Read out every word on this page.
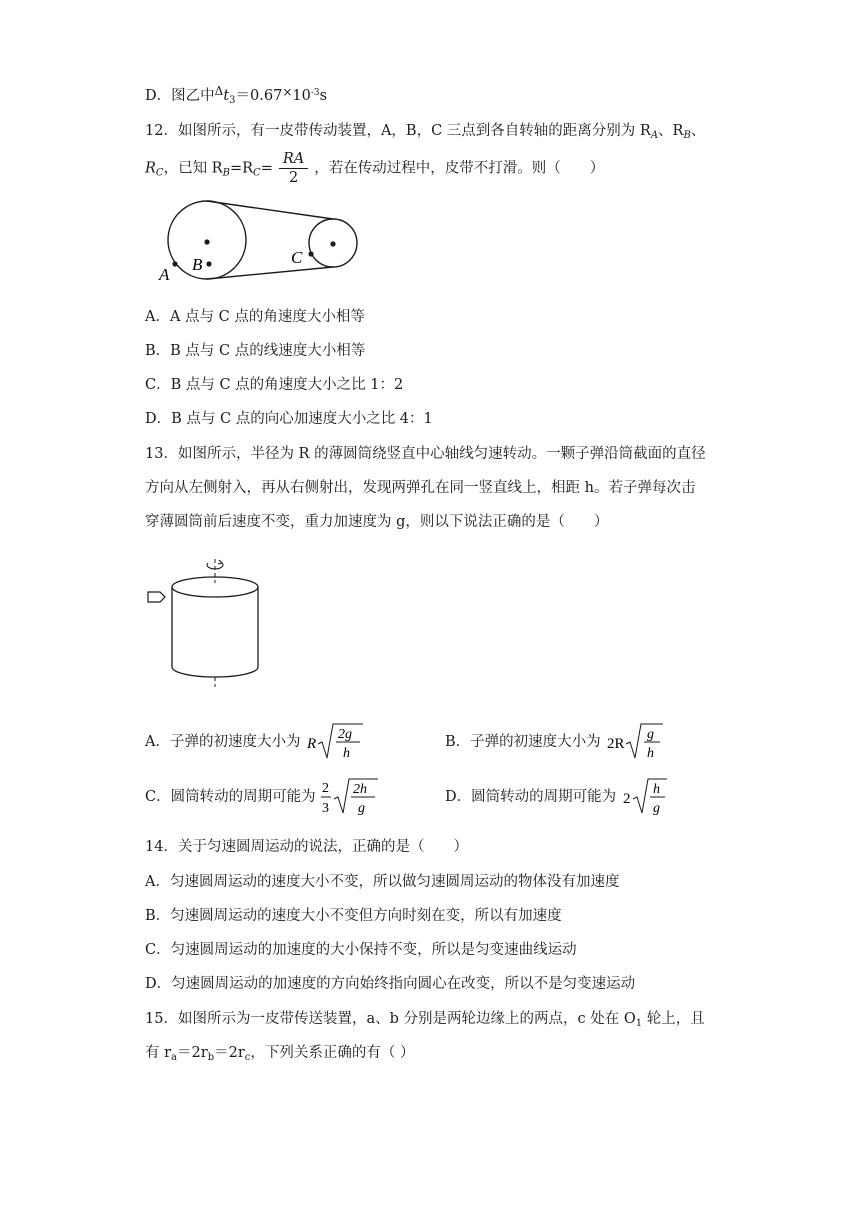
D．图乙中$^\Delta t_3=0.67^\times 10^{-3}s$
12．如图所示，有一皮带传动装置，A，B，C 三点到各自转轴的距离分别为 $R_A$、$R_B$、
$R_C$，已知 $R_B=R_C= \frac{RA}{2}$ ，若在传动过程中，皮带不打滑。则（　　）
A
B	C
A．A 点与 C 点的角速度大小相等
B．B 点与 C 点的线速度大小相等
C．B 点与 C 点的角速度大小之比 1：2
D．B 点与 C 点的向心加速度大小之比 4：1
13．如图所示，半径为 R 的薄圆筒绕竖直中心轴线匀速转动。一颗子弹沿筒截面的直径
方向从左侧射入，再从右侧射出，发现两弹孔在同一竖直线上，相距 h。若子弹每次击
穿薄圆筒前后速度不变，重力加速度为 g，则以下说法正确的是（　　）
A．子弹的初速度大小为 R
2g
h
B．子弹的初速度大小为 2R
g
h
C．圆筒转动的周期可能为
2
3
2h
g
D．圆筒转动的周期可能为 2
h
g
14．关于匀速圆周运动的说法，正确的是（　　）
A．匀速圆周运动的速度大小不变，所以做匀速圆周运动的物体没有加速度
B．匀速圆周运动的速度大小不变但方向时刻在变，所以有加速度
C．匀速圆周运动的加速度的大小保持不变，所以是匀变速曲线运动
D．匀速圆周运动的加速度的方向始终指向圆心在改变，所以不是匀变速运动
15．如图所示为一皮带传送装置，a、b 分别是两轮边缘上的两点，c 处在 $O_1$ 轮上，且
有 $r_a=2r_b=2r_c$，下列关系正确的有（ ）
